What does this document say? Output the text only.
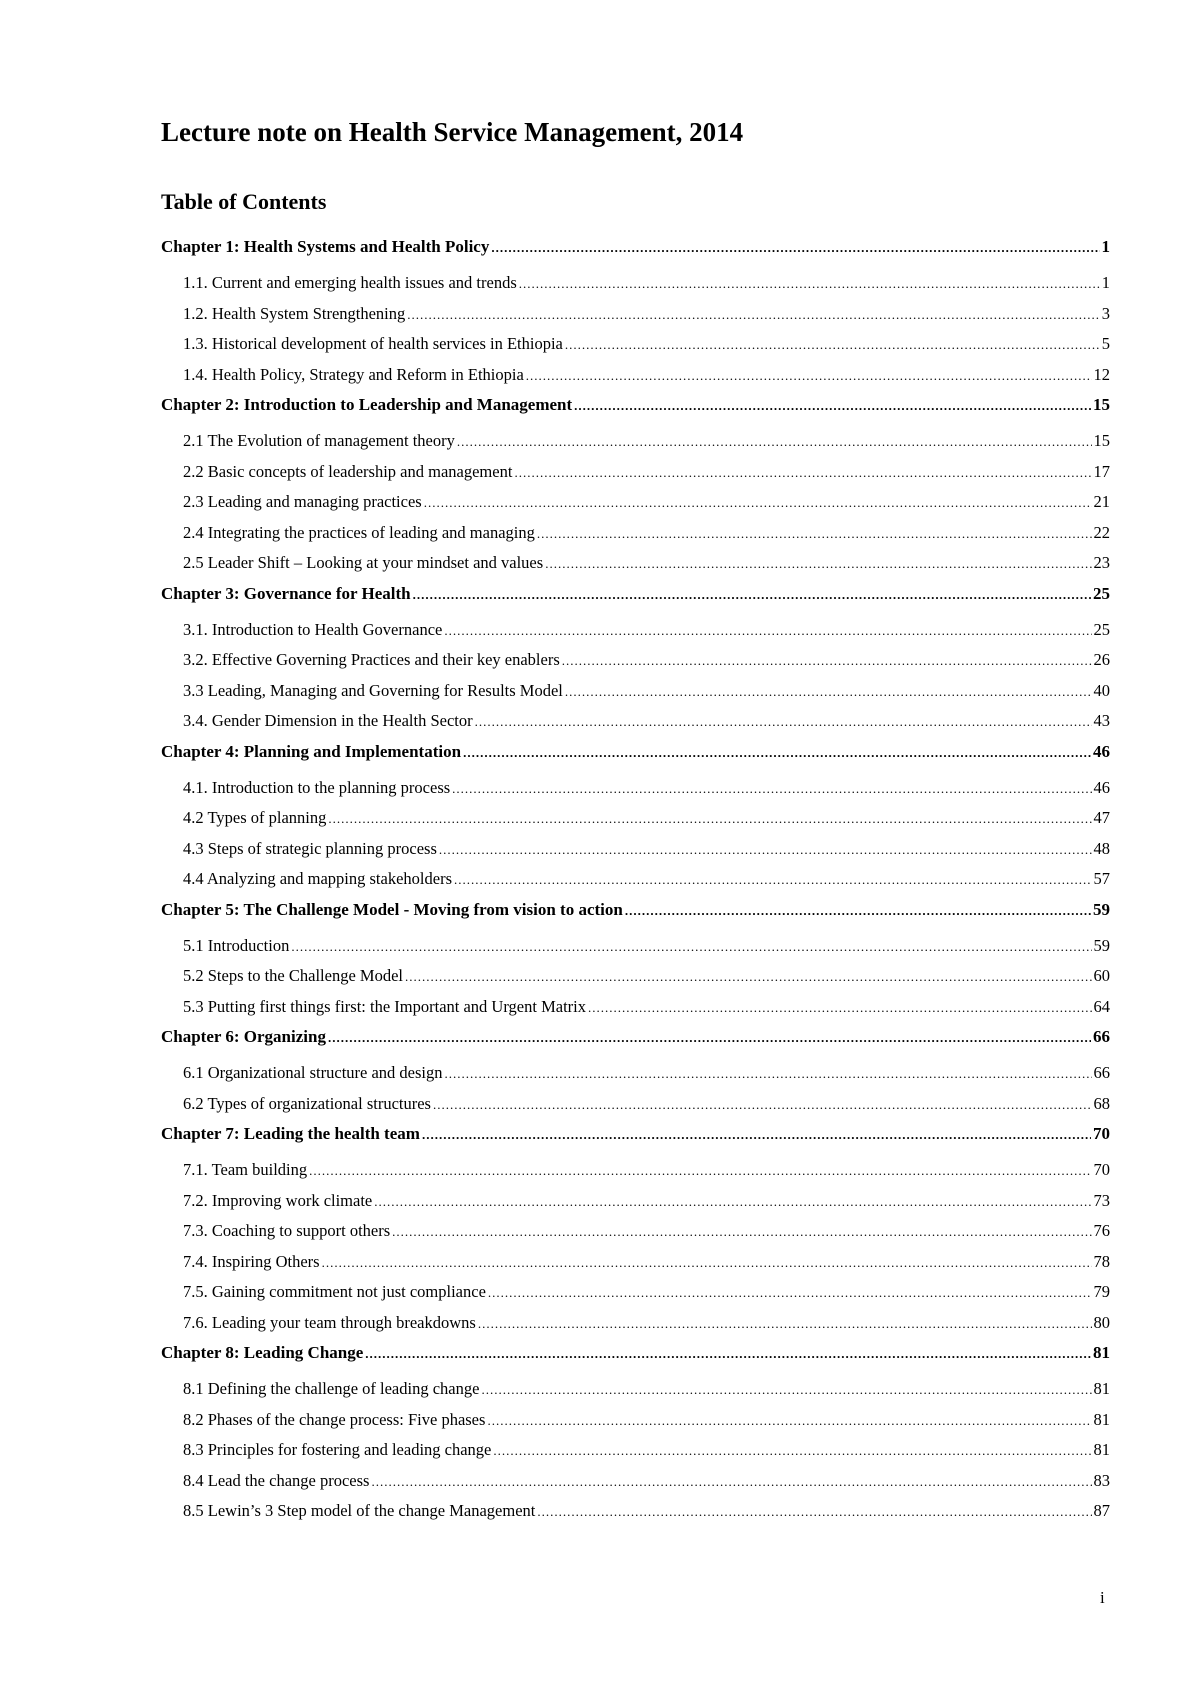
Lecture note on Health Service Management, 2014
Table of Contents
Chapter 1: Health Systems and Health Policy .....	1
1.1. Current and emerging health issues and trends .....	1
1.2. Health System Strengthening .....	3
1.3. Historical development of health services in Ethiopia .....	5
1.4. Health Policy, Strategy and Reform in Ethiopia .....	12
Chapter 2: Introduction to Leadership and Management .....	15
2.1 The Evolution of management theory .....	15
2.2 Basic concepts of leadership and management .....	17
2.3 Leading and managing practices .....	21
2.4 Integrating the practices of leading and managing .....	22
2.5 Leader Shift – Looking at your mindset and values .....	23
Chapter 3: Governance for Health .....	25
3.1. Introduction to Health Governance .....	25
3.2. Effective Governing Practices and their key enablers .....	26
3.3 Leading, Managing and Governing for Results Model .....	40
3.4. Gender Dimension in the Health Sector .....	43
Chapter 4: Planning and Implementation .....	46
4.1. Introduction to the planning process .....	46
4.2 Types of planning .....	47
4.3 Steps of strategic planning process .....	48
4.4 Analyzing and mapping stakeholders .....	57
Chapter 5: The Challenge Model - Moving from vision to action .....	59
5.1 Introduction .....	59
5.2 Steps to the Challenge Model .....	60
5.3 Putting first things first: the Important and Urgent Matrix .....	64
Chapter 6: Organizing .....	66
6.1 Organizational structure and design .....	66
6.2 Types of organizational structures .....	68
Chapter 7: Leading the health team .....	70
7.1. Team building .....	70
7.2. Improving work climate .....	73
7.3. Coaching to support others .....	76
7.4. Inspiring Others .....	78
7.5. Gaining commitment not just compliance .....	79
7.6. Leading your team through breakdowns .....	80
Chapter 8: Leading Change .....	81
8.1 Defining the challenge of leading change .....	81
8.2 Phases of the change process: Five phases .....	81
8.3 Principles for fostering and leading change .....	81
8.4 Lead the change process .....	83
8.5 Lewin’s 3 Step model of the change Management .....	87
i
